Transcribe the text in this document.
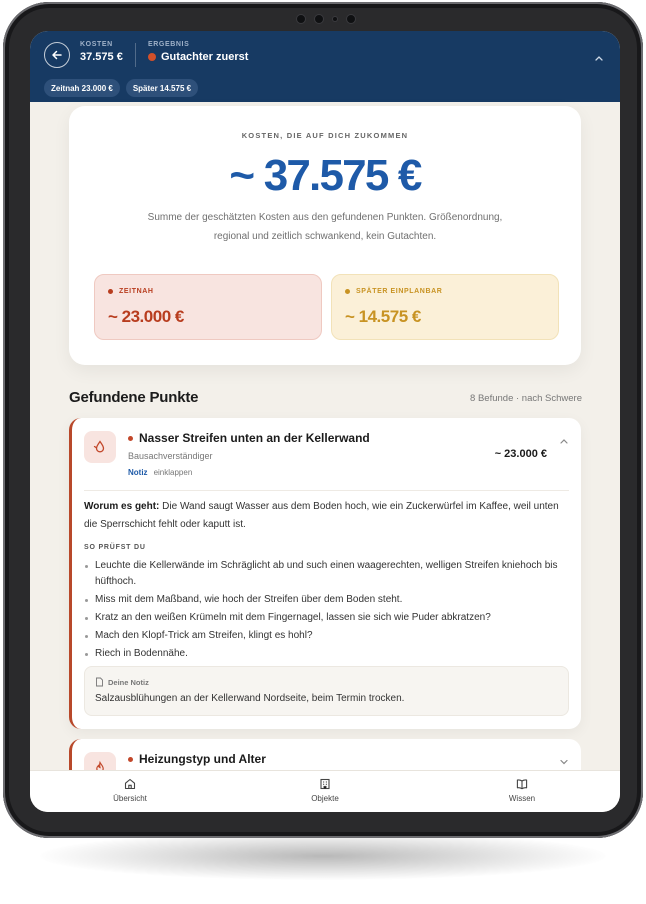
KOSTEN
37.575 €
ERGEBNIS
Gutachter zuerst
Zeitnah 23.000 €	Später 14.575 €
KOSTEN, DIE AUF DICH ZUKOMMEN
~ 37.575 €
Summe der geschätzten Kosten aus den gefundenen Punkten. Größenordnung, regional und zeitlich schwankend, kein Gutachten.
ZEITNAH
~ 23.000 €
SPÄTER EINPLANBAR
~ 14.575 €
Gefundene Punkte	8 Befunde · nach Schwere
Nasser Streifen unten an der Kellerwand
Bausachverständiger
Notiz einklappen
~ 23.000 €
Worum es geht: Die Wand saugt Wasser aus dem Boden hoch, wie ein Zuckerwürfel im Kaffee, weil unten die Sperrschicht fehlt oder kaputt ist.
SO PRÜFST DU
Leuchte die Kellerwände im Schräglicht ab und such einen waagerechten, welligen Streifen kniehoch bis hüfthoch.
Miss mit dem Maßband, wie hoch der Streifen über dem Boden steht.
Kratz an den weißen Krümeln mit dem Fingernagel, lassen sie sich wie Puder abkratzen?
Mach den Klopf-Trick am Streifen, klingt es hohl?
Riech in Bodennähe.
Deine Notiz
Salzausblühungen an der Kellerwand Nordseite, beim Termin trocken.
Heizungstyp und Alter
Übersicht	Objekte	Wissen
